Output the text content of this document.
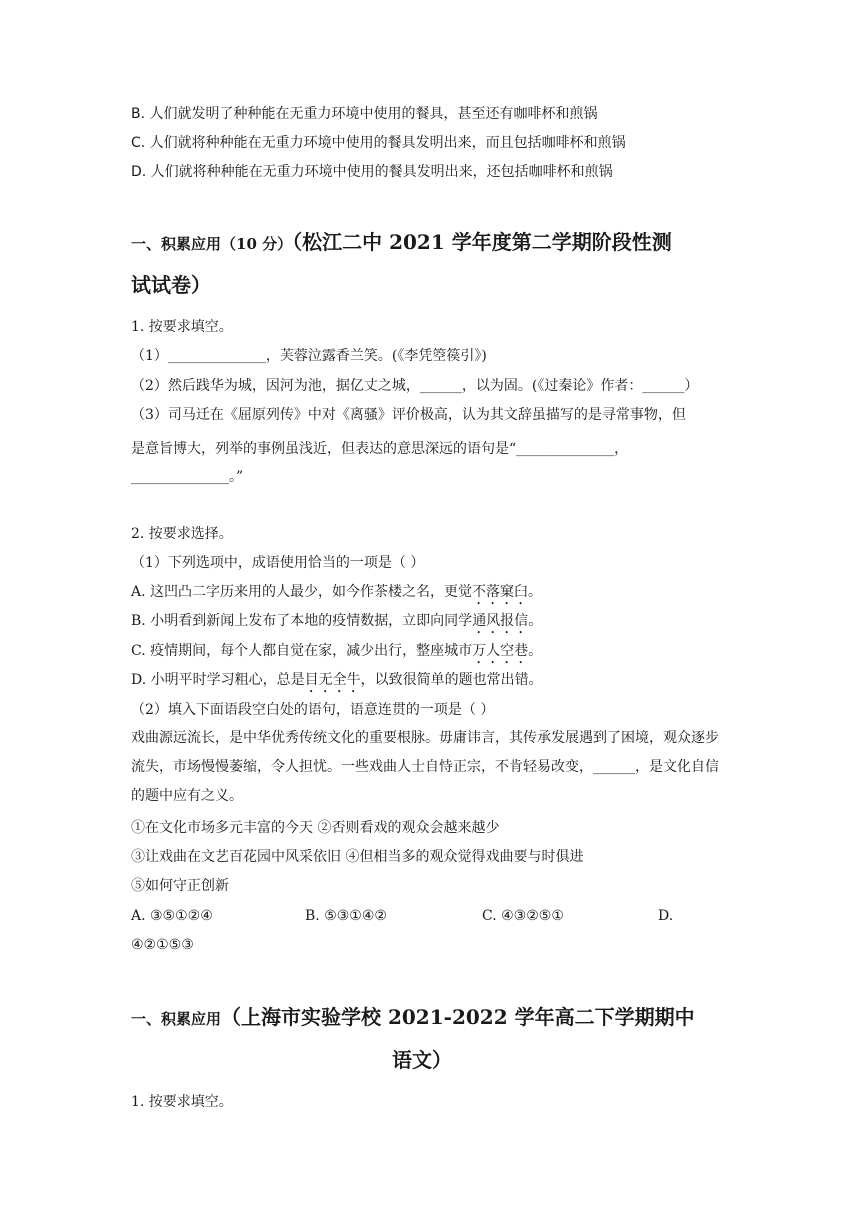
B. 人们就发明了种种能在无重力环境中使用的餐具，甚至还有咖啡杯和煎锅
C. 人们就将种种能在无重力环境中使用的餐具发明出来，而且包括咖啡杯和煎锅
D. 人们就将种种能在无重力环境中使用的餐具发明出来，还包括咖啡杯和煎锅
一、积累应用（10 分）（松江二中 2021 学年度第二学期阶段性测
试试卷）
1. 按要求填空。
（1）______________，芙蓉泣露香兰笑。(《李凭箜篌引》)
（2）然后践华为城，因河为池，据亿丈之城，______，以为固。(《过秦论》作者：______）
（3）司马迁在《屈原列传》中对《离骚》评价极高，认为其文辞虽描写的是寻常事物，但
是意旨博大，列举的事例虽浅近，但表达的意思深远的语句是“______________，
______________。”
2. 按要求选择。
（1）下列选项中，成语使用恰当的一项是（ ）
A. 这凹凸二字历来用的人最少，如今作茶楼之名，更觉不落窠臼。
B. 小明看到新闻上发布了本地的疫情数据，立即向同学通风报信。
C. 疫情期间，每个人都自觉在家，减少出行，整座城市万人空巷。
D. 小明平时学习粗心，总是目无全牛，以致很简单的题也常出错。
（2）填入下面语段空白处的语句，语意连贯的一项是（ ）
戏曲源远流长，是中华优秀传统文化的重要根脉。毋庸讳言，其传承发展遇到了困境，观众逐步流失，市场慢慢萎缩，令人担忧。一些戏曲人士自恃正宗，不肯轻易改变，______，是文化自信的题中应有之义。
①在文化市场多元丰富的今天 ②否则看戏的观众会越来越少
③让戏曲在文艺百花园中风采依旧 ④但相当多的观众觉得戏曲要与时俱进
⑤如何守正创新
A. ③⑤①②④	B. ⑤③①④②	C. ④③②⑤①	D.
④②①⑤③
一、积累应用（上海市实验学校 2021-2022 学年高二下学期期中
语文）
1. 按要求填空。
